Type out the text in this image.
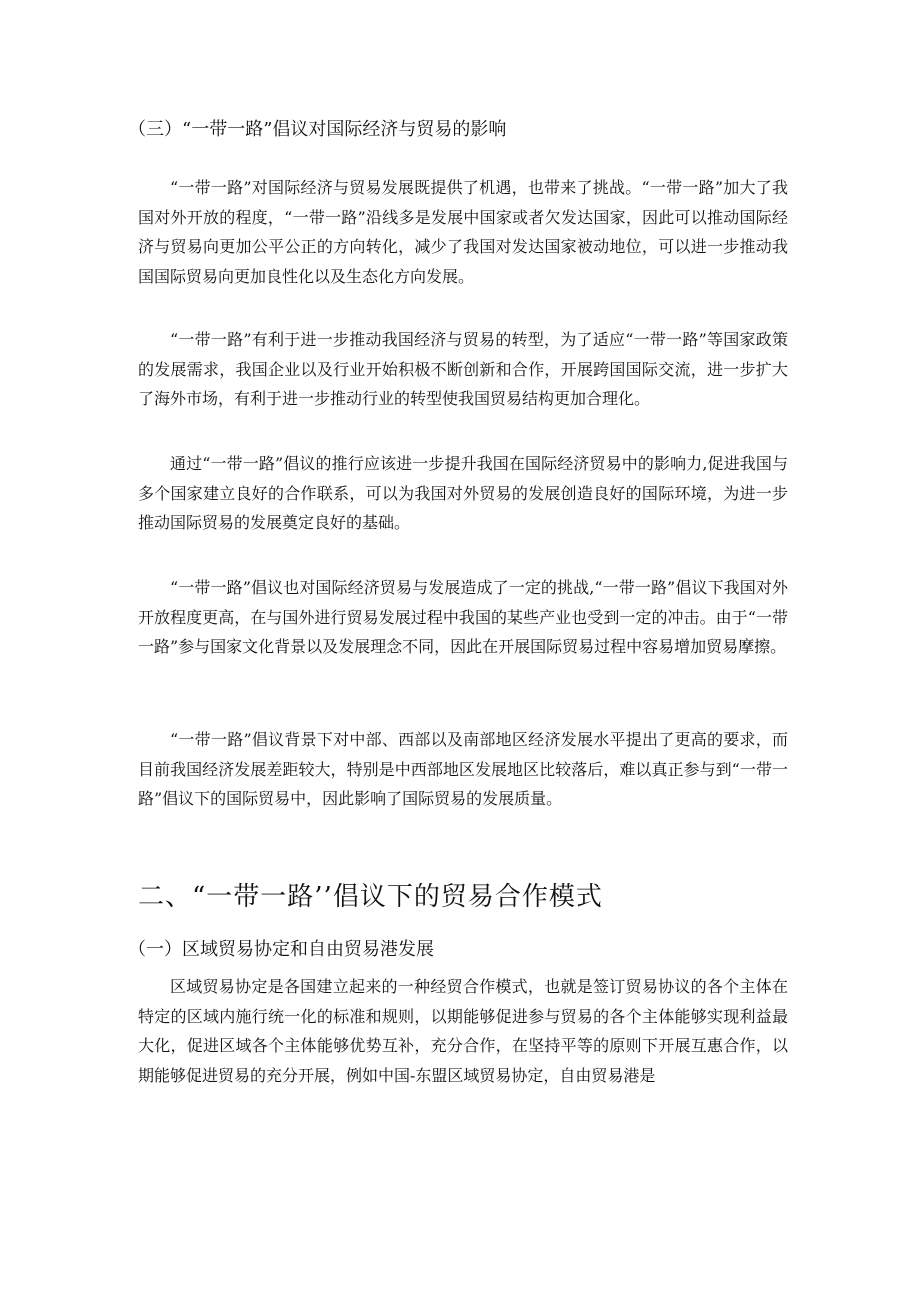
（三）“一带一路”倡议对国际经济与贸易的影响

“一带一路”对国际经济与贸易发展既提供了机遇，也带来了挑战。“一带一路”加大了我国对外开放的程度，“一带一路”沿线多是发展中国家或者欠发达国家，因此可以推动国际经济与贸易向更加公平公正的方向转化，减少了我国对发达国家被动地位，可以进一步推动我国国际贸易向更加良性化以及生态化方向发展。

“一带一路”有利于进一步推动我国经济与贸易的转型，为了适应“一带一路”等国家政策的发展需求，我国企业以及行业开始积极不断创新和合作，开展跨国国际交流，进一步扩大了海外市场，有利于进一步推动行业的转型使我国贸易结构更加合理化。

通过“一带一路”倡议的推行应该进一步提升我国在国际经济贸易中的影响力,促进我国与多个国家建立良好的合作联系，可以为我国对外贸易的发展创造良好的国际环境，为进一步推动国际贸易的发展奠定良好的基础。

“一带一路”倡议也对国际经济贸易与发展造成了一定的挑战,“一带一路”倡议下我国对外开放程度更高，在与国外进行贸易发展过程中我国的某些产业也受到一定的冲击。由于“一带一路”参与国家文化背景以及发展理念不同，因此在开展国际贸易过程中容易增加贸易摩擦。

“一带一路”倡议背景下对中部、西部以及南部地区经济发展水平提出了更高的要求，而目前我国经济发展差距较大，特别是中西部地区发展地区比较落后，难以真正参与到“一带一路”倡议下的国际贸易中，因此影响了国际贸易的发展质量。

二、“一带一路’’倡议下的贸易合作模式
（一）区域贸易协定和自由贸易港发展

区域贸易协定是各国建立起来的一种经贸合作模式，也就是签订贸易协议的各个主体在特定的区域内施行统一化的标准和规则，以期能够促进参与贸易的各个主体能够实现利益最大化，促进区域各个主体能够优势互补，充分合作，在坚持平等的原则下开展互惠合作，以期能够促进贸易的充分开展，例如中国-东盟区域贸易协定，自由贸易港是
